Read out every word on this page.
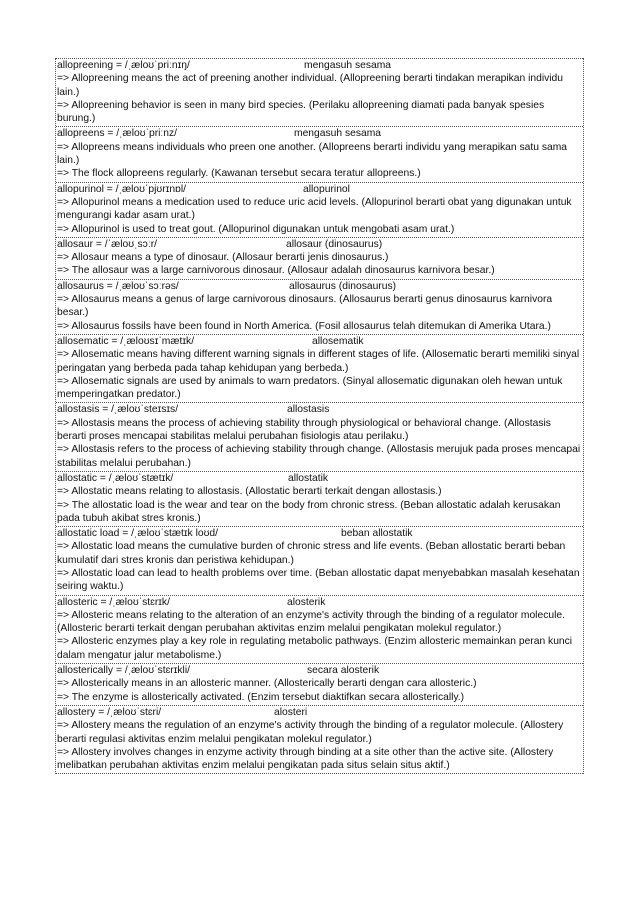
allopreening = /ˌæloʊˈpriːnɪŋ/	mengasuh sesama

=> Allopreening means the act of preening another individual. (Allopreening berarti tindakan merapikan individu lain.)

=> Allopreening behavior is seen in many bird species. (Perilaku allopreening diamati pada banyak spesies burung.)

allopreens = /ˌæloʊˈpriːnz/	mengasuh sesama

=> Allopreens means individuals who preen one another. (Allopreens berarti individu yang merapikan satu sama lain.)

=> The flock allopreens regularly. (Kawanan tersebut secara teratur allopreens.)

allopurinol = /ˌæloʊˈpjʊrɪnɒl/	allopurinol

=> Allopurinol means a medication used to reduce uric acid levels. (Allopurinol berarti obat yang digunakan untuk mengurangi kadar asam urat.)

=> Allopurinol is used to treat gout. (Allopurinol digunakan untuk mengobati asam urat.)

allosaur = /ˈæloʊˌsɔːr/	allosaur (dinosaurus)

=> Allosaur means a type of dinosaur. (Allosaur berarti jenis dinosaurus.)

=> The allosaur was a large carnivorous dinosaur. (Allosaur adalah dinosaurus karnivora besar.)

allosaurus = /ˌæloʊˈsɔːrəs/	allosaurus (dinosaurus)

=> Allosaurus means a genus of large carnivorous dinosaurs. (Allosaurus berarti genus dinosaurus karnivora besar.)

=> Allosaurus fossils have been found in North America. (Fosil allosaurus telah ditemukan di Amerika Utara.)

allosematic = /ˌæloʊsɪˈmætɪk/	allosematik

=> Allosematic means having different warning signals in different stages of life. (Allosematic berarti memiliki sinyal peringatan yang berbeda pada tahap kehidupan yang berbeda.)

=> Allosematic signals are used by animals to warn predators. (Sinyal allosematic digunakan oleh hewan untuk memperingatkan predator.)

allostasis = /ˌæloʊˈsteɪsɪs/	allostasis

=> Allostasis means the process of achieving stability through physiological or behavioral change. (Allostasis berarti proses mencapai stabilitas melalui perubahan fisiologis atau perilaku.)

=> Allostasis refers to the process of achieving stability through change. (Allostasis merujuk pada proses mencapai stabilitas melalui perubahan.)

allostatic = /ˌæloʊˈstætɪk/	allostatik

=> Allostatic means relating to allostasis. (Allostatic berarti terkait dengan allostasis.)

=> The allostatic load is the wear and tear on the body from chronic stress. (Beban allostatic adalah kerusakan pada tubuh akibat stres kronis.)

allostatic load = /ˌæloʊˈstætɪk loʊd/	beban allostatik

=> Allostatic load means the cumulative burden of chronic stress and life events. (Beban allostatic berarti beban kumulatif dari stres kronis dan peristiwa kehidupan.)

=> Allostatic load can lead to health problems over time. (Beban allostatic dapat menyebabkan masalah kesehatan seiring waktu.)

allosteric = /ˌæloʊˈstɛrɪk/	alosterik

=> Allosteric means relating to the alteration of an enzyme's activity through the binding of a regulator molecule. (Allosteric berarti terkait dengan perubahan aktivitas enzim melalui pengikatan molekul regulator.)

=> Allosteric enzymes play a key role in regulating metabolic pathways. (Enzim allosteric memainkan peran kunci dalam mengatur jalur metabolisme.)

allosterically = /ˌæloʊˈstɛrɪkli/	secara alosterik

=> Allosterically means in an allosteric manner. (Allosterically berarti dengan cara allosteric.)

=> The enzyme is allosterically activated. (Enzim tersebut diaktifkan secara allosterically.)

allostery = /ˌæloʊˈstɛri/	alosteri

=> Allostery means the regulation of an enzyme's activity through the binding of a regulator molecule. (Allostery berarti regulasi aktivitas enzim melalui pengikatan molekul regulator.)

=> Allostery involves changes in enzyme activity through binding at a site other than the active site. (Allostery melibatkan perubahan aktivitas enzim melalui pengikatan pada situs selain situs aktif.)
